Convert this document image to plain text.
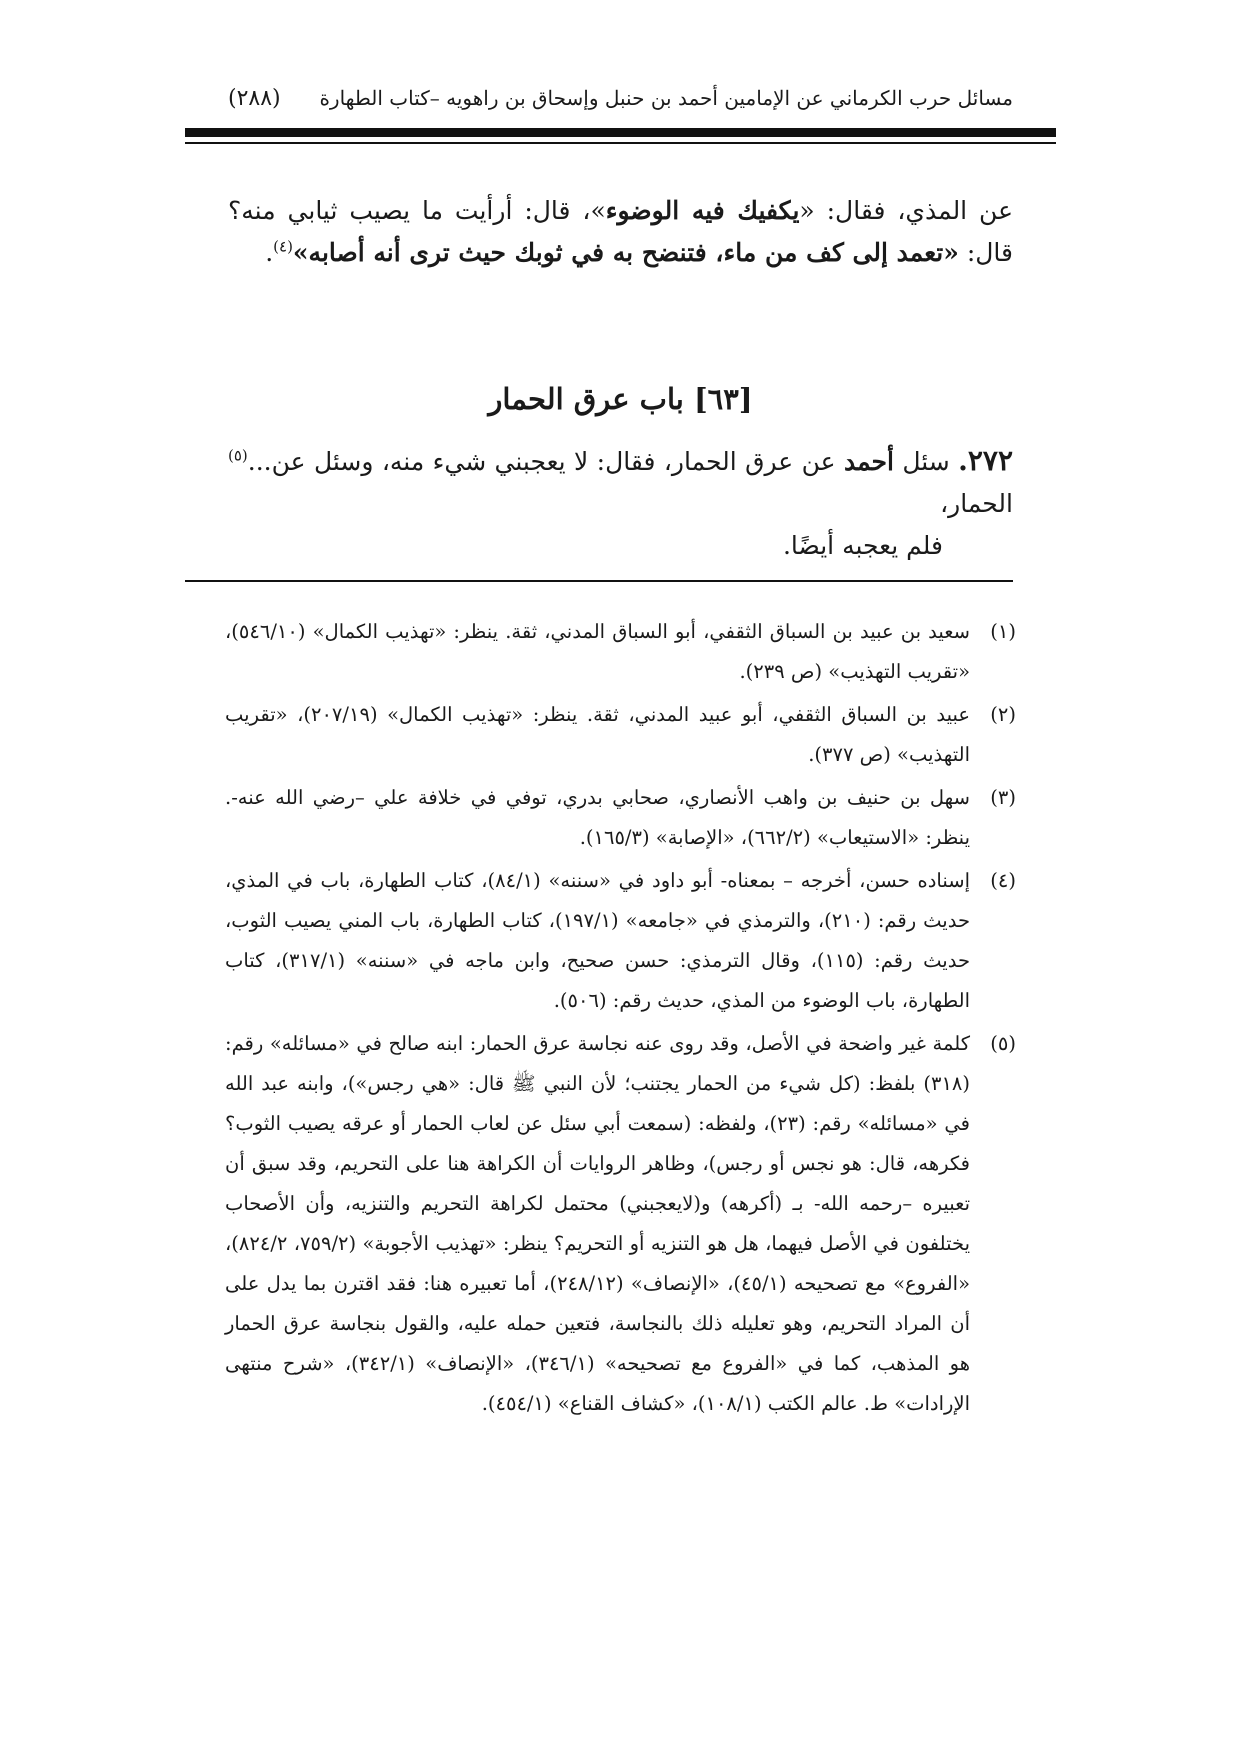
مسائل حرب الكرماني عن الإمامين أحمد بن حنبل وإسحاق بن راهويه –كتاب الطهارة
(٢٨٨)
عن المذي، فقال: «يكفيك فيه الوضوء»، قال: أرأيت ما يصيب ثيابي منه؟ قال: «تعمد إلى كف من ماء، فتنضح به في ثوبك حيث ترى أنه أصابه»$^{(٤)}$.
[٦٣] باب عرق الحمار
٢٧٢. سئل أحمد عن عرق الحمار، فقال: لا يعجبني شيء منه، وسئل عن...$^{(٥)}$ الحمار،
فلم يعجبه أيضًا.
(١)
سعيد بن عبيد بن السباق الثقفي، أبو السباق المدني، ثقة. ينظر: «تهذيب الكمال» (٥٤٦/١٠)، «تقريب التهذيب» (ص ٢٣٩).
(٢)
عبيد بن السباق الثقفي، أبو عبيد المدني، ثقة. ينظر: «تهذيب الكمال» (٢٠٧/١٩)، «تقريب التهذيب» (ص ٣٧٧).
(٣)
سهل بن حنيف بن واهب الأنصاري، صحابي بدري، توفي في خلافة علي –رضي الله عنه-. ينظر: «الاستيعاب» (٦٦٢/٢)، «الإصابة» (١٦٥/٣).
(٤)
إسناده حسن، أخرجه – بمعناه- أبو داود في «سننه» (٨٤/١)، كتاب الطهارة، باب في المذي، حديث رقم: (٢١٠)، والترمذي في «جامعه» (١٩٧/١)، كتاب الطهارة، باب المني يصيب الثوب، حديث رقم: (١١٥)، وقال الترمذي: حسن صحيح، وابن ماجه في «سننه» (٣١٧/١)، كتاب الطهارة، باب الوضوء من المذي، حديث رقم: (٥٠٦).
(٥)
كلمة غير واضحة في الأصل، وقد روى عنه نجاسة عرق الحمار: ابنه صالح في «مسائله» رقم: (٣١٨) بلفظ: (كل شيء من الحمار يجتنب؛ لأن النبي ﷺ قال: «هي رجس»)، وابنه عبد الله في «مسائله» رقم: (٢٣)، ولفظه: (سمعت أبي سئل عن لعاب الحمار أو عرقه يصيب الثوب؟ فكرهه، قال: هو نجس أو رجس)، وظاهر الروايات أن الكراهة هنا على التحريم، وقد سبق أن تعبيره –رحمه الله- بـ (أكرهه) و(لايعجبني) محتمل لكراهة التحريم والتنزيه، وأن الأصحاب يختلفون في الأصل فيهما، هل هو التنزيه أو التحريم؟ ينظر: «تهذيب الأجوبة» (٧٥٩/٢، ٨٢٤/٢)، «الفروع» مع تصحيحه (٤٥/١)، «الإنصاف» (٢٤٨/١٢)، أما تعبيره هنا: فقد اقترن بما يدل على أن المراد التحريم، وهو تعليله ذلك بالنجاسة، فتعين حمله عليه، والقول بنجاسة عرق الحمار هو المذهب، كما في «الفروع مع تصحيحه» (٣٤٦/١)، «الإنصاف» (٣٤٢/١)، «شرح منتهى الإرادات» ط. عالم الكتب (١٠٨/١)، «كشاف القناع» (٤٥٤/١).
